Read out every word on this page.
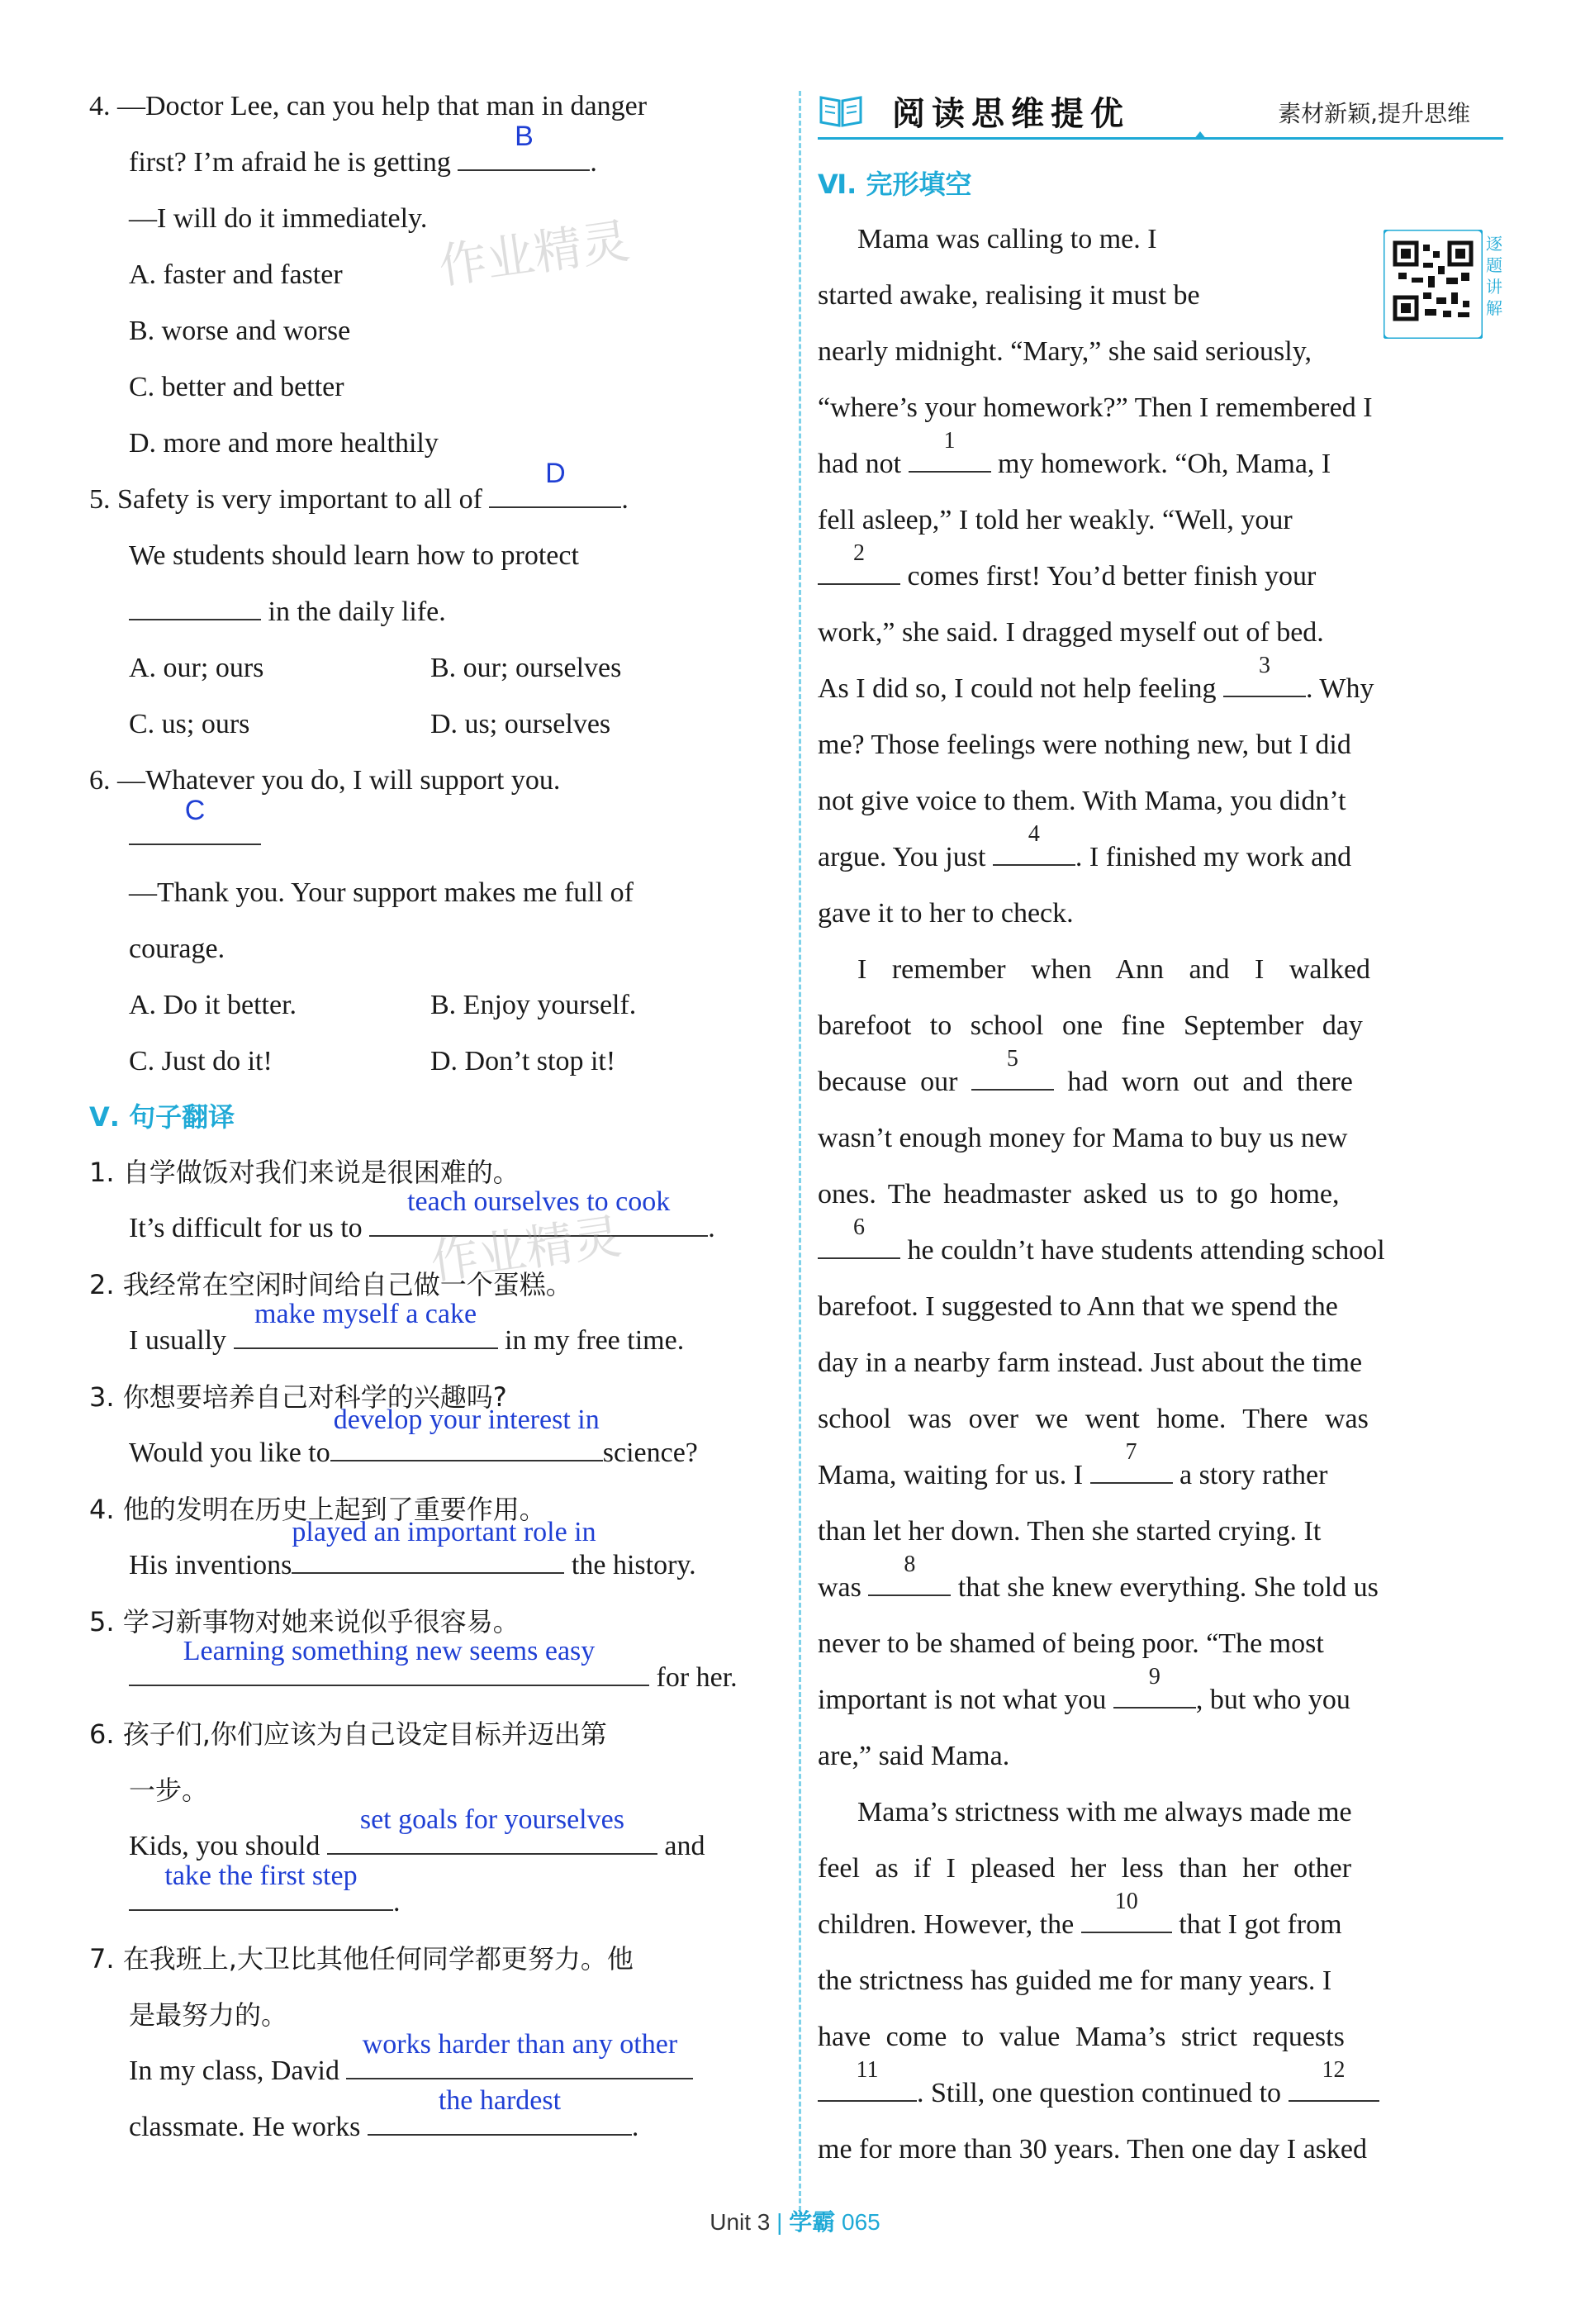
4. —Doctor Lee, can you help that man in danger
first? I’m afraid he is getting
B
.
—I will do it immediately.
A. faster and faster
B. worse and worse
C. better and better
D. more and more healthily
5. Safety is very important to all of
D
.
We students should learn how to protect
in the daily life.
A. our; ours	B. our; ourselves
C. us; ours	D. us; ourselves
6. —Whatever you do, I will support you.
C
—Thank you. Your support makes me full of
courage.
A. Do it better.	B. Enjoy yourself.
C. Just do it!	D. Don’t stop it!
Ⅴ. 句子翻译
1. 自学做饭对我们来说是很困难的。
It’s difficult for us to
teach ourselves to cook
.
2. 我经常在空闲时间给自己做一个蛋糕。
I usually
make myself a cake
in my free time.
3. 你想要培养自己对科学的兴趣吗?
Would you like to
develop your interest in
science?
4. 他的发明在历史上起到了重要作用。
His inventions
played an important role in
the history.
5. 学习新事物对她来说似乎很容易。
Learning something new seems easy
for her.
6. 孩子们,你们应该为自己设定目标并迈出第
一步。
Kids, you should
set goals for yourselves
and
take the first step
.
7. 在我班上,大卫比其他任何同学都更努力。他
是最努力的。
In my class, David
works harder than any other
classmate. He works
the hardest
.
作业精灵
作业精灵
阅读思维提优	素材新颖,提升思维
Ⅵ. 完形填空
Mama was calling to me. I
started awake, realising it must be
nearly midnight. “Mary,” she said seriously,
“where’s your homework?” Then I remembered I
had not
1
my homework. “Oh, Mama, I
fell asleep,” I told her weakly. “Well, your
2
comes first! You’d better finish your
work,” she said. I dragged myself out of bed.
As I did so, I could not help feeling
3
. Why
me? Those feelings were nothing new, but I did
not give voice to them. With Mama, you didn’t
argue. You just
4
. I finished my work and
gave it to her to check.
I remember when Ann and I walked
barefoot to school one fine September day
because our
5
had worn out and there
wasn’t enough money for Mama to buy us new
ones. The headmaster asked us to go home,
6
he couldn’t have students attending school
barefoot. I suggested to Ann that we spend the
day in a nearby farm instead. Just about the time
school was over we went home. There was
Mama, waiting for us. I
7
a story rather
than let her down. Then she started crying. It
was
8
that she knew everything. She told us
never to be shamed of being poor. “The most
important is not what you
9
, but who you
are,” said Mama.
Mama’s strictness with me always made me
feel as if I pleased her less than her other
children. However, the
10
that I got from
the strictness has guided me for many years. I
have come to value Mama’s strict requests
11
. Still, one question continued to
12
me for more than 30 years. Then one day I asked
逐题讲解
Unit 3 | 学霸 065
